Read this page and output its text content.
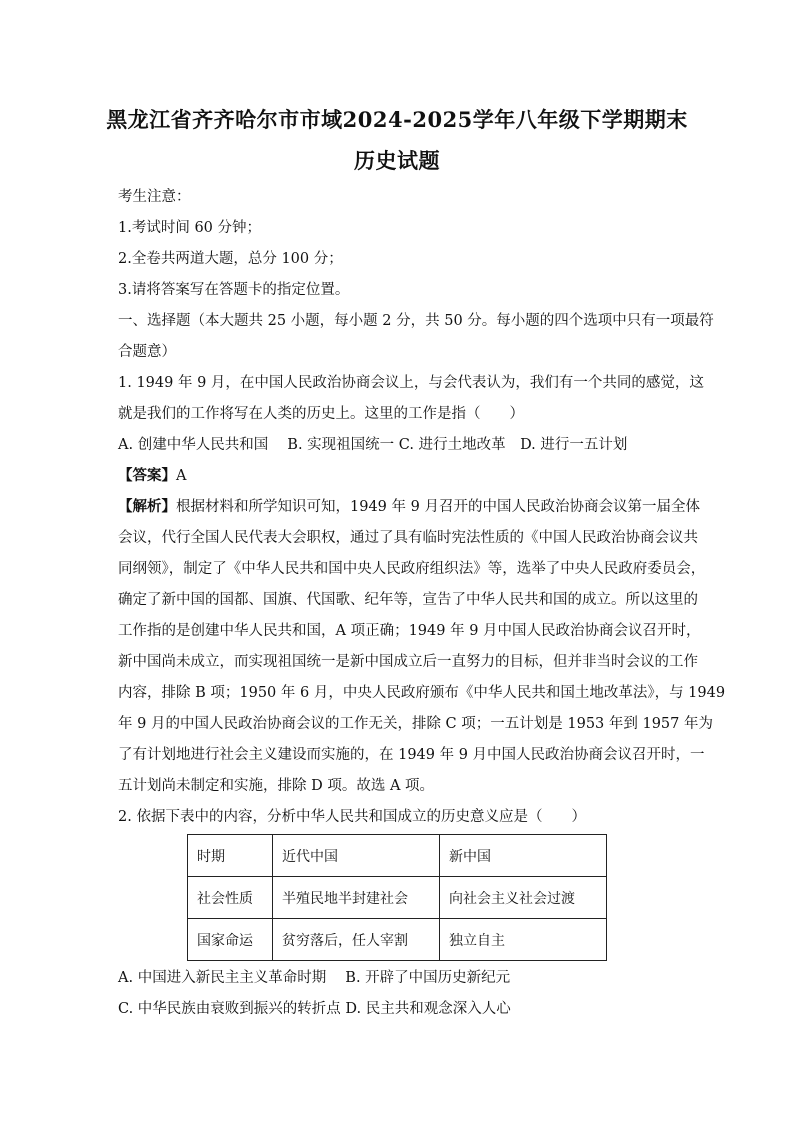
黑龙江省齐齐哈尔市市域2024-2025学年八年级下学期期末
历史试题
考生注意：
1.考试时间 60 分钟；
2.全卷共两道大题，总分 100 分；
3.请将答案写在答题卡的指定位置。
一、选择题（本大题共 25 小题，每小题 2 分，共 50 分。每小题的四个选项中只有一项最符
合题意）
1. 1949 年 9 月，在中国人民政治协商会议上，与会代表认为，我们有一个共同的感觉，这
就是我们的工作将写在人类的历史上。这里的工作是指（　　）
A. 创建中华人民共和国　 B. 实现祖国统一 C. 进行土地改革　D. 进行一五计划
【答案】A
【解析】根据材料和所学知识可知，1949 年 9 月召开的中国人民政治协商会议第一届全体
会议，代行全国人民代表大会职权，通过了具有临时宪法性质的《中国人民政治协商会议共
同纲领》，制定了《中华人民共和国中央人民政府组织法》等，选举了中央人民政府委员会，
确定了新中国的国都、国旗、代国歌、纪年等，宣告了中华人民共和国的成立。所以这里的
工作指的是创建中华人民共和国，A 项正确；1949 年 9 月中国人民政治协商会议召开时，
新中国尚未成立，而实现祖国统一是新中国成立后一直努力的目标，但并非当时会议的工作
内容，排除 B 项；1950 年 6 月，中央人民政府颁布《中华人民共和国土地改革法》，与 1949
年 9 月的中国人民政治协商会议的工作无关，排除 C 项；一五计划是 1953 年到 1957 年为
了有计划地进行社会主义建设而实施的，在 1949 年 9 月中国人民政治协商会议召开时，一
五计划尚未制定和实施，排除 D 项。故选 A 项。
2. 依据下表中的内容，分析中华人民共和国成立的历史意义应是（　　）
时期	近代中国	新中国
社会性质	半殖民地半封建社会	向社会主义社会过渡
国家命运	贫穷落后，任人宰割	独立自主
A. 中国进入新民主主义革命时期　 B. 开辟了中国历史新纪元
C. 中华民族由衰败到振兴的转折点 D. 民主共和观念深入人心
